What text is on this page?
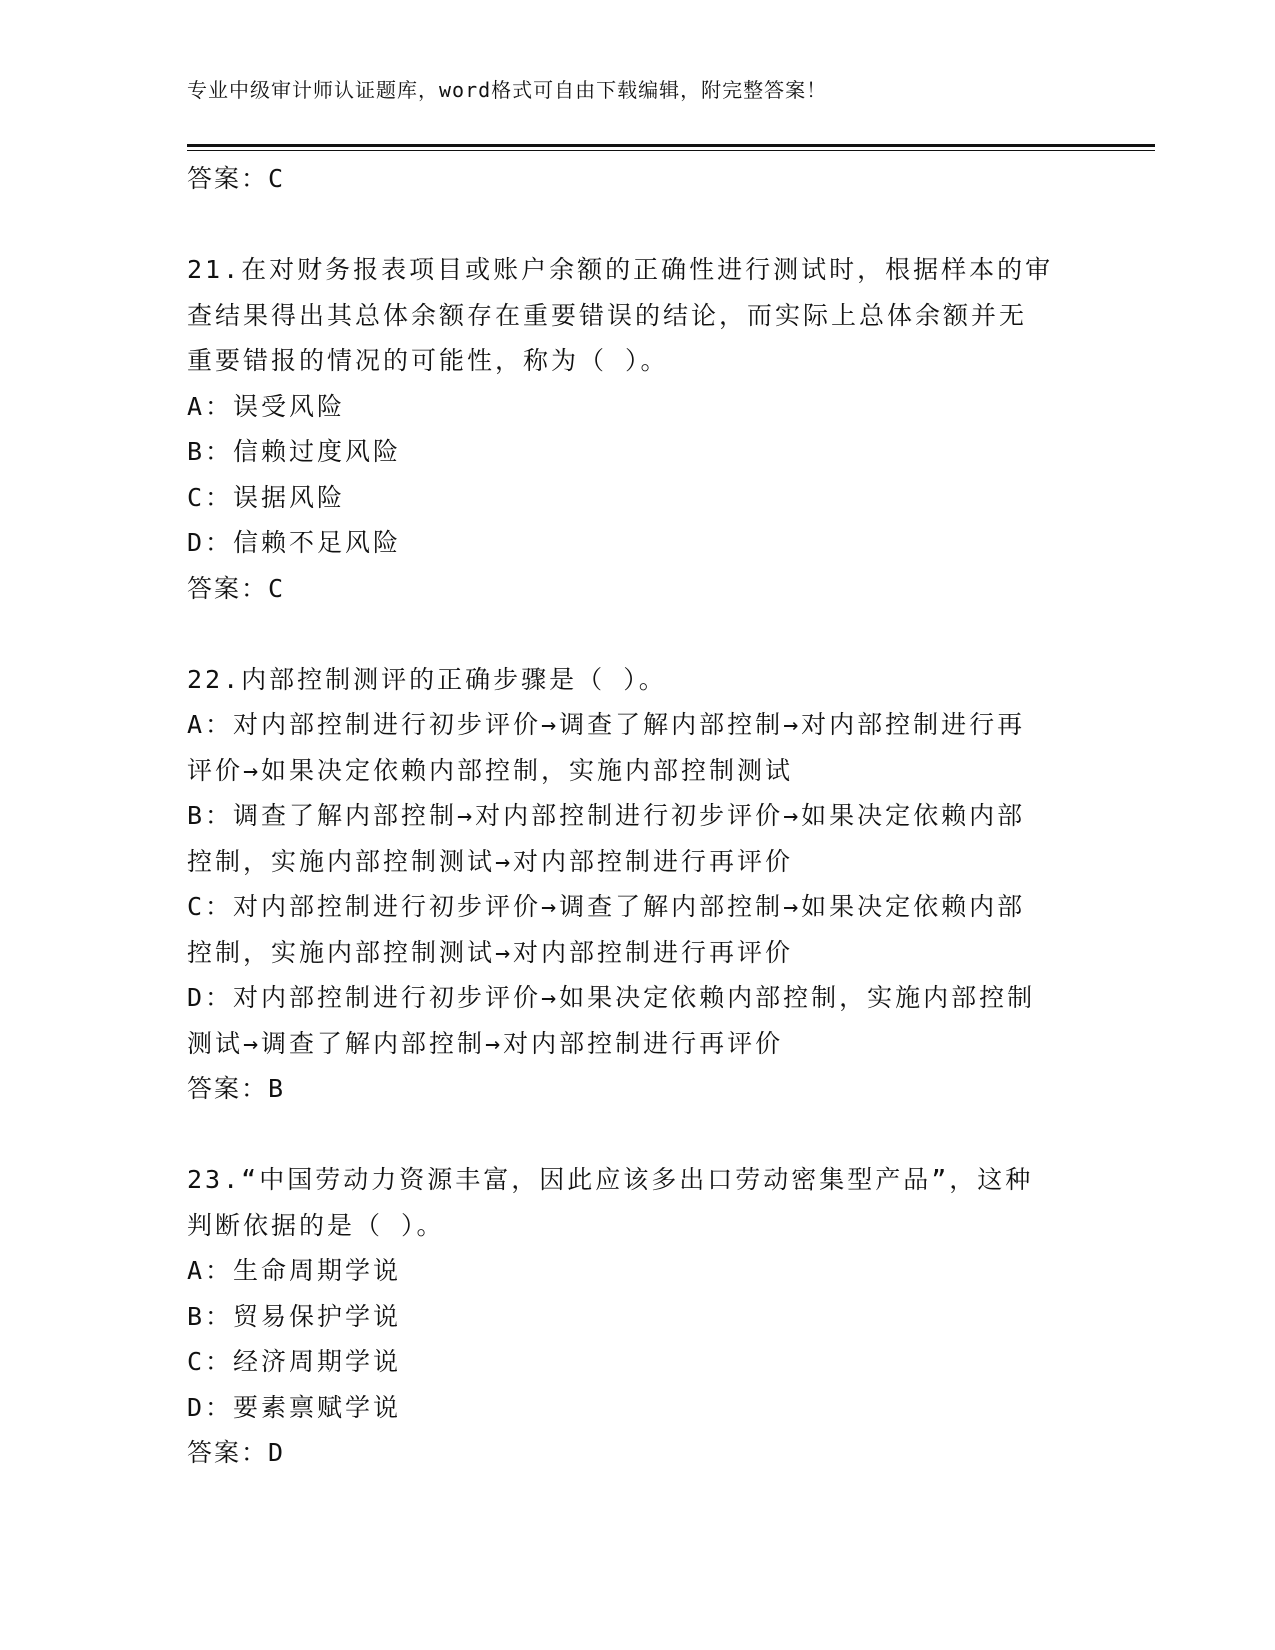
专业中级审计师认证题库，word格式可自由下载编辑，附完整答案！
答案：C
21.在对财务报表项目或账户余额的正确性进行测试时，根据样本的审
查结果得出其总体余额存在重要错误的结论，而实际上总体余额并无
重要错报的情况的可能性，称为（ ）。
A：误受风险
B：信赖过度风险
C：误据风险
D：信赖不足风险
答案：C
22.内部控制测评的正确步骤是（ ）。
A：对内部控制进行初步评价→调查了解内部控制→对内部控制进行再
评价→如果决定依赖内部控制，实施内部控制测试
B：调查了解内部控制→对内部控制进行初步评价→如果决定依赖内部
控制，实施内部控制测试→对内部控制进行再评价
C：对内部控制进行初步评价→调查了解内部控制→如果决定依赖内部
控制，实施内部控制测试→对内部控制进行再评价
D：对内部控制进行初步评价→如果决定依赖内部控制，实施内部控制
测试→调查了解内部控制→对内部控制进行再评价
答案：B
23.“中国劳动力资源丰富，因此应该多出口劳动密集型产品”，这种
判断依据的是（ ）。
A：生命周期学说
B：贸易保护学说
C：经济周期学说
D：要素禀赋学说
答案：D
